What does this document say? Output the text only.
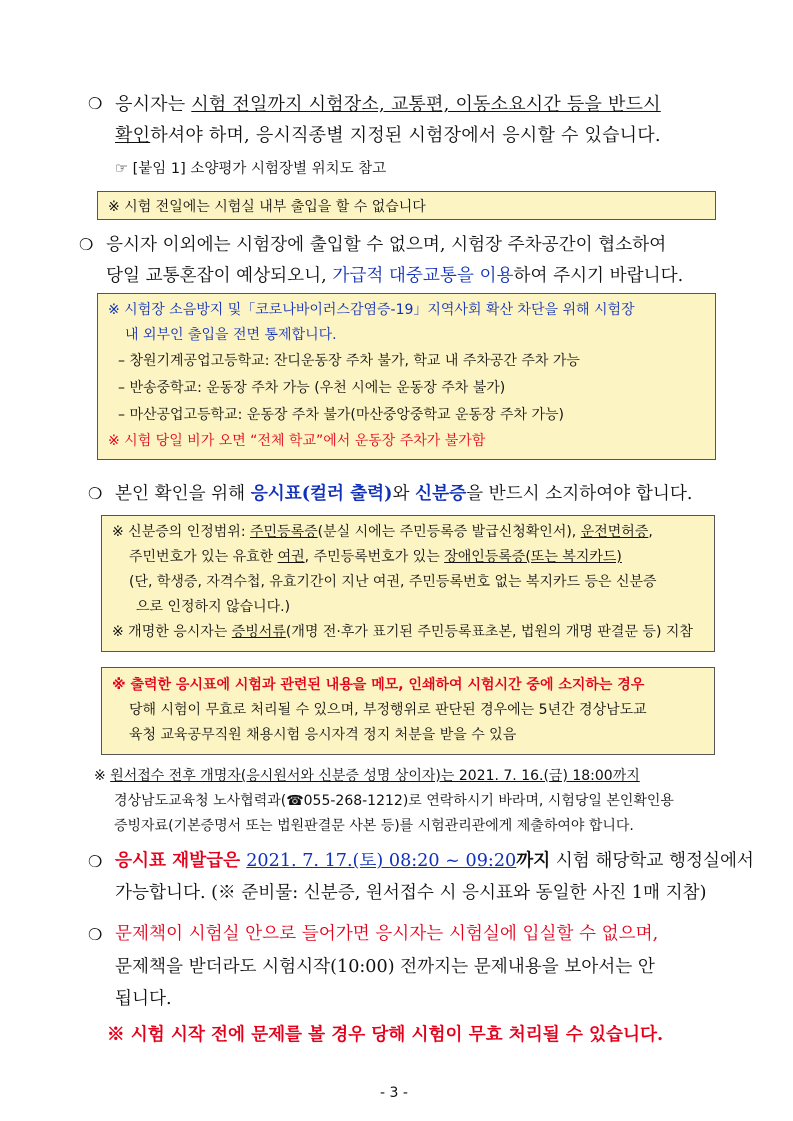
❍ 응시자는 시험 전일까지 시험장소, 교통편, 이동소요시간 등을 반드시
확인하셔야 하며, 응시직종별 지정된 시험장에서 응시할 수 있습니다.
☞ [붙임 1] 소양평가 시험장별 위치도 참고
※ 시험 전일에는 시험실 내부 출입을 할 수 없습니다
❍ 응시자 이외에는 시험장에 출입할 수 없으며, 시험장 주차공간이 협소하여
당일 교통혼잡이 예상되오니, 가급적 대중교통을 이용하여 주시기 바랍니다.
※ 시험장 소음방지 및「코로나바이러스감염증-19」지역사회 확산 차단을 위해 시험장
내 외부인 출입을 전면 통제합니다.
– 창원기계공업고등학교: 잔디운동장 주차 불가, 학교 내 주차공간 주차 가능
– 반송중학교: 운동장 주차 가능 (우천 시에는 운동장 주차 불가)
– 마산공업고등학교: 운동장 주차 불가(마산중앙중학교 운동장 주차 가능)
※ 시험 당일 비가 오면 “전체 학교”에서 운동장 주차가 불가함
❍ 본인 확인을 위해 응시표(컬러 출력)와 신분증을 반드시 소지하여야 합니다.
※ 신분증의 인정범위: 주민등록증(분실 시에는 주민등록증 발급신청확인서), 운전면허증,
주민번호가 있는 유효한 여권, 주민등록번호가 있는 장애인등록증(또는 복지카드)
(단, 학생증, 자격수첩, 유효기간이 지난 여권, 주민등록번호 없는 복지카드 등은 신분증
으로 인정하지 않습니다.)
※ 개명한 응시자는 증빙서류(개명 전·후가 표기된 주민등록표초본, 법원의 개명 판결문 등) 지참
※ 출력한 응시표에 시험과 관련된 내용을 메모, 인쇄하여 시험시간 중에 소지하는 경우
당해 시험이 무효로 처리될 수 있으며, 부정행위로 판단된 경우에는 5년간 경상남도교
육청 교육공무직원 채용시험 응시자격 정지 처분을 받을 수 있음
※ 원서접수 전후 개명자(응시원서와 신분증 성명 상이자)는 2021. 7. 16.(금) 18:00까지
경상남도교육청 노사협력과(☎055-268-1212)로 연락하시기 바라며, 시험당일 본인확인용
증빙자료(기본증명서 또는 법원판결문 사본 등)를 시험관리관에게 제출하여야 합니다.
❍ 응시표 재발급은 2021. 7. 17.(토) 08:20 ~ 09:20까지 시험 해당학교 행정실에서
가능합니다. (※ 준비물: 신분증, 원서접수 시 응시표와 동일한 사진 1매 지참)
❍ 문제책이 시험실 안으로 들어가면 응시자는 시험실에 입실할 수 없으며,
문제책을 받더라도 시험시작(10:00) 전까지는 문제내용을 보아서는 안
됩니다.
※ 시험 시작 전에 문제를 볼 경우 당해 시험이 무효 처리될 수 있습니다.
- 3 -
